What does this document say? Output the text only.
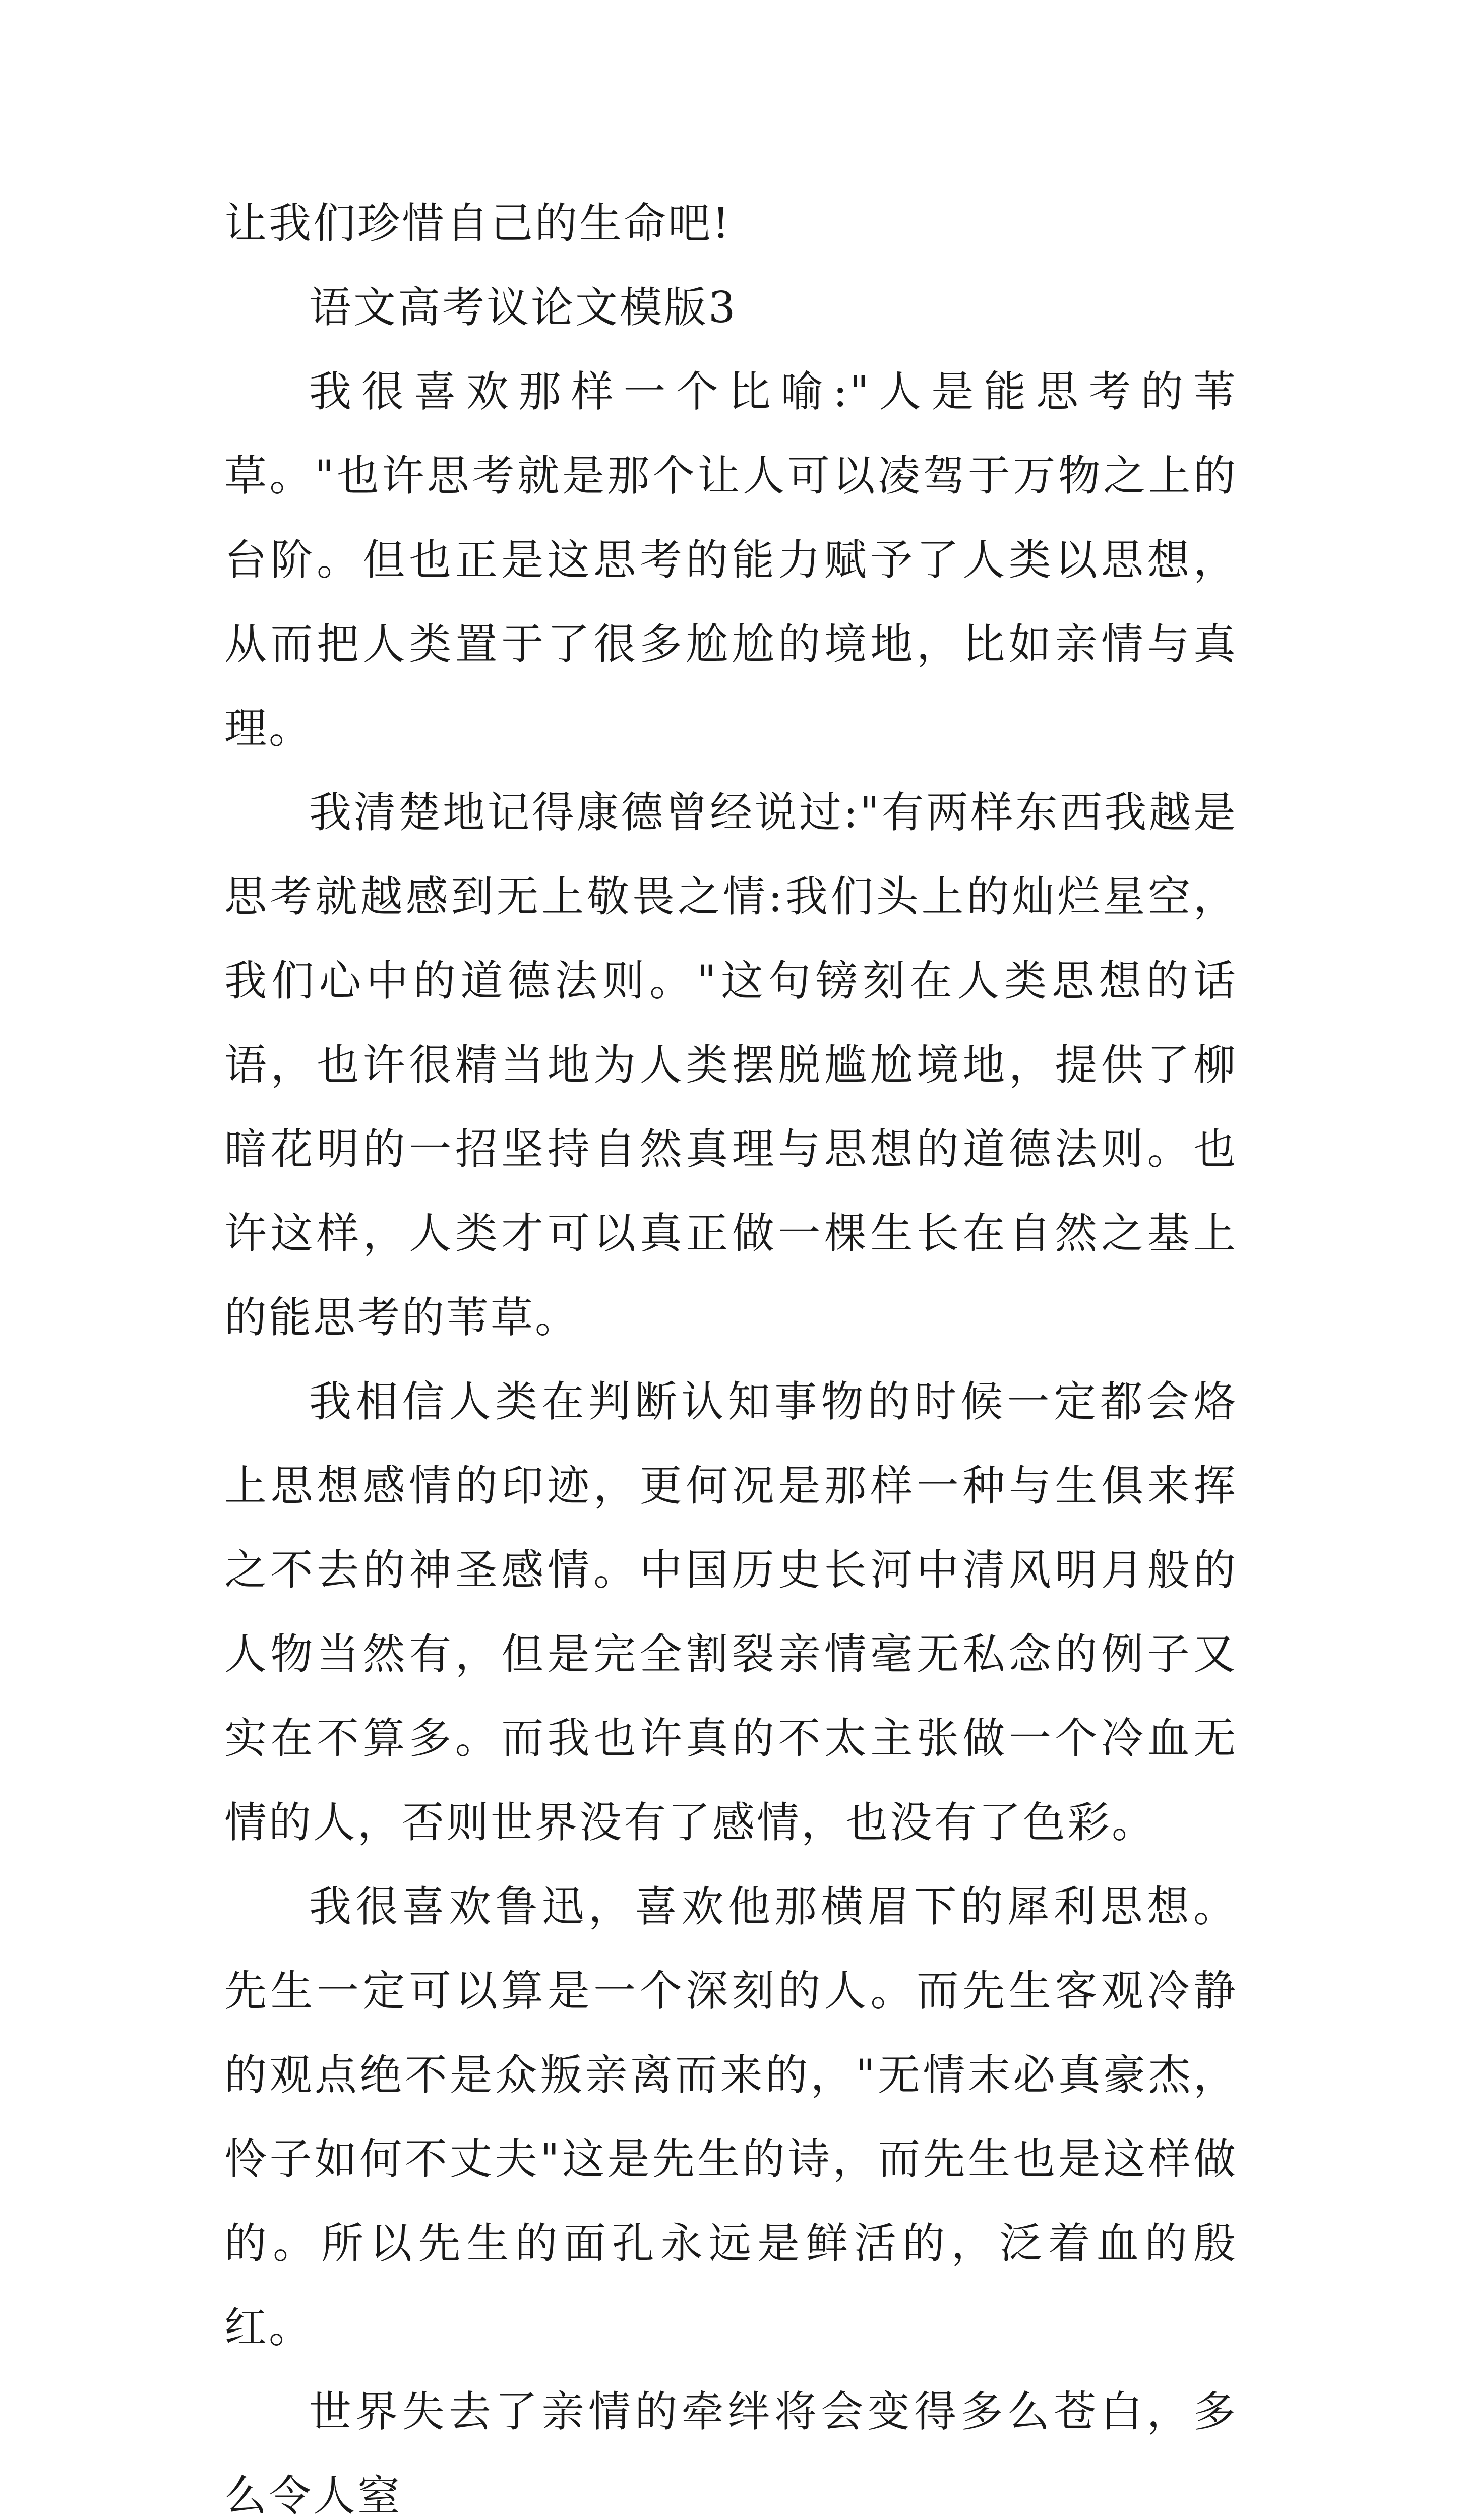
让我们珍惜自己的生命吧!

语文高考议论文模版3

我很喜欢那样一个比喻:"人是能思考的苇草。"也许思考就是那个让人可以凌驾于万物之上的台阶。但也正是这思考的能力赋予了人类以思想，从而把人类置于了很多尬尬的境地，比如亲情与真理。

我清楚地记得康德曾经说过:"有两样东西我越是思考就越感到无上敬畏之情:我们头上的灿烂星空，我们心中的道德法则。"这句镑刻在人类思想的话语，也许很精当地为人类摆脱尴尬境地，提供了柳暗花明的一招坚持自然真理与思想的道德法则。也许这样，人类才可以真正做一棵生长在自然之基上的能思考的苇草。

我相信人类在判断认知事物的时候一定都会烙上思想感情的印迹，更何况是那样一种与生俱来挥之不去的神圣感情。中国历史长河中清风明月般的人物当然有，但是完全割裂亲情毫无私念的例子又实在不算多。而我也许真的不太主张做一个冷血无情的人，否则世界没有了感情，也没有了色彩。

我很喜欢鲁迅，喜欢他那横眉下的犀利思想。先生一定可以算是一个深刻的人。而先生客观冷静的观点绝不是众叛亲离而来的，"无情末必真豪杰，怜子如何不丈夫"这是先生的诗，而先生也是这样做的。所以先生的面孔永远是鲜活的，泛着血的殷红。

世界失去了亲情的牵绊将会变得多么苍白，多么令人窒
